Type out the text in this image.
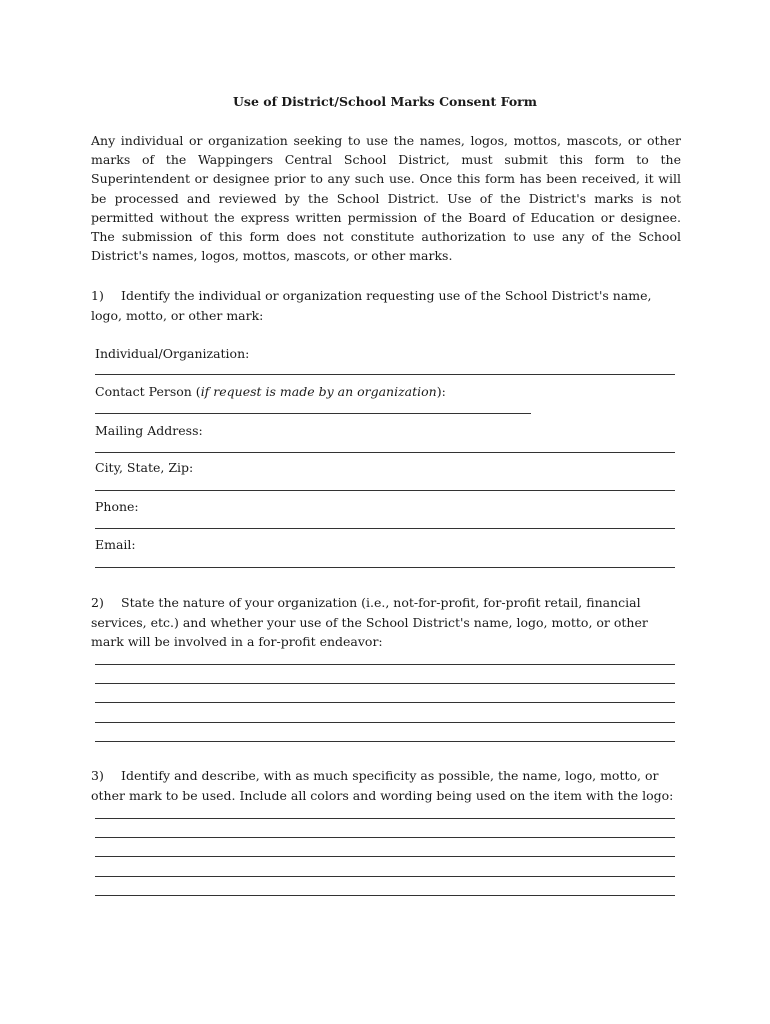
Use of District/School Marks Consent Form
Any individual or organization seeking to use the names, logos, mottos, mascots, or other marks of the Wappingers Central School District, must submit this form to the Superintendent or designee prior to any such use. Once this form has been received, it will be processed and reviewed by the School District. Use of the District's marks is not permitted without the express written permission of the Board of Education or designee. The submission of this form does not constitute authorization to use any of the School District's names, logos, mottos, mascots, or other marks.
1) Identify the individual or organization requesting use of the School District's name, logo, motto, or other mark:
Individual/Organization:
Contact Person (if request is made by an organization):
Mailing Address:
City, State, Zip:
Phone:
Email:
2) State the nature of your organization (i.e., not-for-profit, for-profit retail, financial services, etc.) and whether your use of the School District's name, logo, motto, or other mark will be involved in a for-profit endeavor:
3) Identify and describe, with as much specificity as possible, the name, logo, motto, or other mark to be used. Include all colors and wording being used on the item with the logo:
